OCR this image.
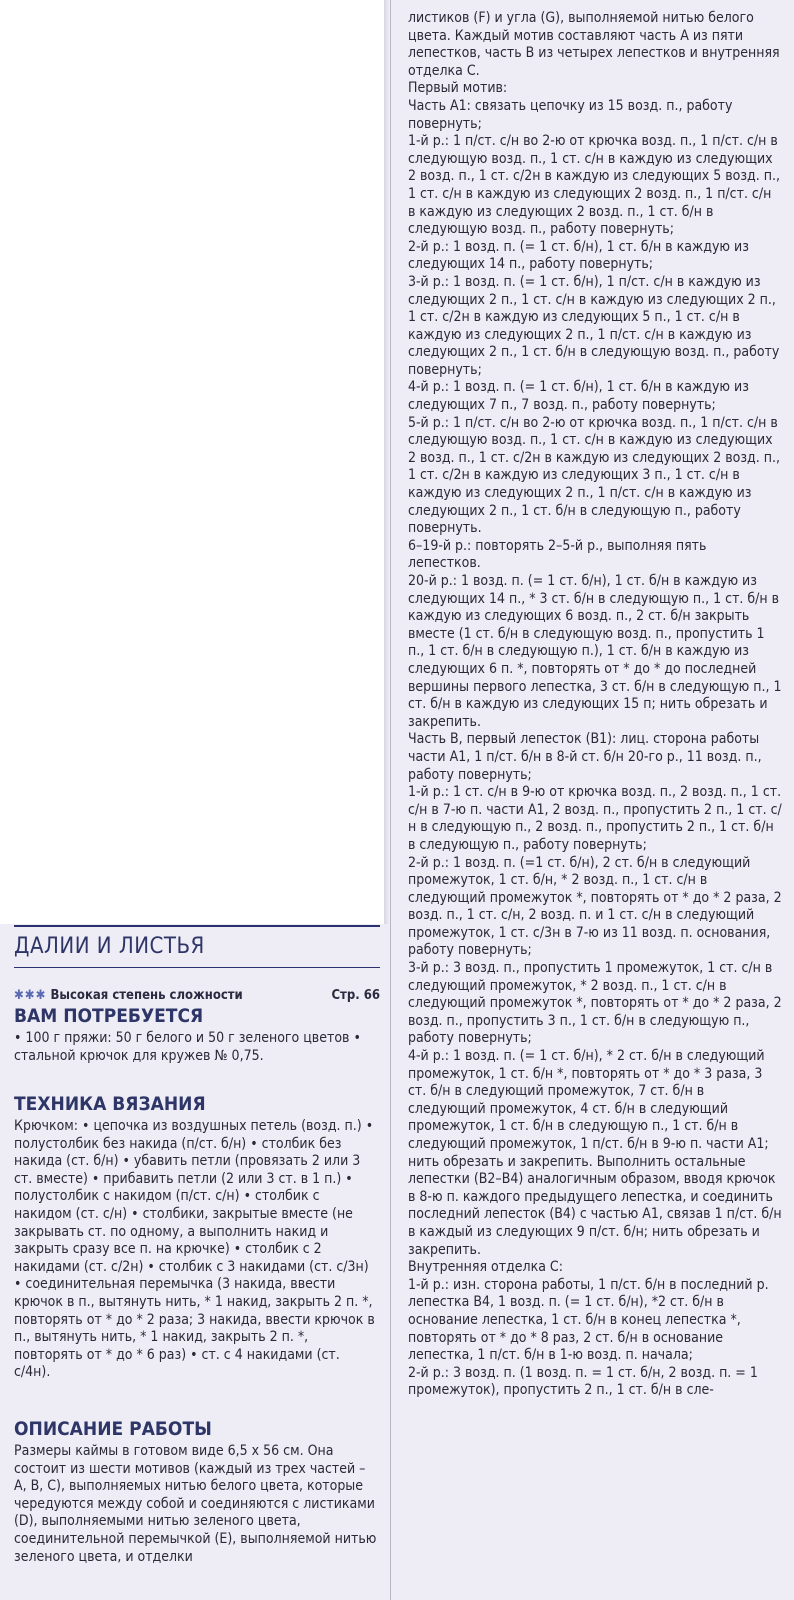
ДАЛИИ И ЛИСТЬЯ
✱✱✱ Высокая степень сложности	Стр. 66
ВАМ ПОТРЕБУЕТСЯ

• 100 г пряжи: 50 г белого и 50 г зеленого цветов • стальной крючок для кружев № 0,75.

ТЕХНИКА ВЯЗАНИЯ

Крючком: • цепочка из воздушных петель (возд. п.) • полустолбик без накида (п/ст. б/н) • столбик без накида (ст. б/н) • убавить петли (провязать 2 или 3 ст. вместе) • прибавить петли (2 или 3 ст. в 1 п.) • полустолбик с накидом (п/ст. с/н) • столбик с накидом (ст. с/н) • столбики, закрытые вместе (не закрывать ст. по одному, а выполнить накид и закрыть сразу все п. на крючке) • столбик с 2 накидами (ст. с/2н) • столбик с 3 накидами (ст. с/3н) • соединительная перемычка (3 накида, ввести крючок в п., вытянуть нить, * 1 накид, закрыть 2 п. *, повторять от * до * 2 раза; 3 накида, ввести крючок в п., вытянуть нить, * 1 накид, закрыть 2 п. *, повторять от * до * 6 раз) • ст. с 4 накидами (ст. с/4н).

ОПИСАНИЕ РАБОТЫ

Размеры каймы в готовом виде 6,5 x 56 см. Она состоит из шести мотивов (каждый из трех частей – A, B, C), выполняемых нитью белого цвета, которые чередуются между собой и соединяются с листиками (D), выполняемыми нитью зеленого цвета, соединительной перемычкой (E), выполняемой нитью зеленого цвета, и отделки

листиков (F) и угла (G), выполняемой нитью белого цвета. Каждый мотив составляют часть A из пяти лепестков, часть B из четырех лепестков и внутренняя отделка C.

Первый мотив:

Часть A1: связать цепочку из 15 возд. п., работу повернуть;

1-й р.: 1 п/ст. с/н во 2-ю от крючка возд. п., 1 п/ст. с/н в следующую возд. п., 1 ст. с/н в каждую из следующих 2 возд. п., 1 ст. с/2н в каждую из следующих 5 возд. п., 1 ст. с/н в каждую из следующих 2 возд. п., 1 п/ст. с/н в каждую из следующих 2 возд. п., 1 ст. б/н в следующую возд. п., работу повернуть;

2-й р.: 1 возд. п. (= 1 ст. б/н), 1 ст. б/н в каждую из следующих 14 п., работу повернуть;

3-й р.: 1 возд. п. (= 1 ст. б/н), 1 п/ст. с/н в каждую из следующих 2 п., 1 ст. с/н в каждую из следующих 2 п., 1 ст. с/2н в каждую из следующих 5 п., 1 ст. с/н в каждую из следующих 2 п., 1 п/ст. с/н в каждую из следующих 2 п., 1 ст. б/н в следующую возд. п., работу повернуть;

4-й р.: 1 возд. п. (= 1 ст. б/н), 1 ст. б/н в каждую из следующих 7 п., 7 возд. п., работу повернуть;

5-й р.: 1 п/ст. с/н во 2-ю от крючка возд. п., 1 п/ст. с/н в следующую возд. п., 1 ст. с/н в каждую из следующих 2 возд. п., 1 ст. с/2н в каждую из следующих 2 возд. п., 1 ст. с/2н в каждую из следующих 3 п., 1 ст. с/н в каждую из следующих 2 п., 1 п/ст. с/н в каждую из следующих 2 п., 1 ст. б/н в следующую п., работу повернуть.

6–19-й р.: повторять 2–5-й р., выполняя пять лепестков.

20-й р.: 1 возд. п. (= 1 ст. б/н), 1 ст. б/н в каждую из следующих 14 п., * 3 ст. б/н в следующую п., 1 ст. б/н в каждую из следующих 6 возд. п., 2 ст. б/н закрыть вместе (1 ст. б/н в следующую возд. п., пропустить 1 п., 1 ст. б/н в следующую п.), 1 ст. б/н в каждую из следующих 6 п. *, повторять от * до * до последней вершины первого лепестка, 3 ст. б/н в следующую п., 1 ст. б/н в каждую из следующих 15 п; нить обрезать и закрепить.

Часть B, первый лепесток (B1): лиц. сторона работы части A1, 1 п/ст. б/н в 8-й ст. б/н 20-го р., 11 возд. п., работу повернуть;

1-й р.: 1 ст. с/н в 9-ю от крючка возд. п., 2 возд. п., 1 ст. с/н в 7-ю п. части A1, 2 возд. п., пропустить 2 п., 1 ст. с/н в следующую п., 2 возд. п., пропустить 2 п., 1 ст. б/н в следующую п., работу повернуть;

2-й р.: 1 возд. п. (=1 ст. б/н), 2 ст. б/н в следующий промежуток, 1 ст. б/н, * 2 возд. п., 1 ст. с/н в следующий промежуток *, повторять от * до * 2 раза, 2 возд. п., 1 ст. с/н, 2 возд. п. и 1 ст. с/н в следующий промежуток, 1 ст. с/3н в 7-ю из 11 возд. п. основания, работу повернуть;

3-й р.: 3 возд. п., пропустить 1 промежуток, 1 ст. с/н в следующий промежуток, * 2 возд. п., 1 ст. с/н в следующий промежуток *, повторять от * до * 2 раза, 2 возд. п., пропустить 3 п., 1 ст. б/н в следующую п., работу повернуть;

4-й р.: 1 возд. п. (= 1 ст. б/н), * 2 ст. б/н в следующий промежуток, 1 ст. б/н *, повторять от * до * 3 раза, 3 ст. б/н в следующий промежуток, 7 ст. б/н в следующий промежуток, 4 ст. б/н в следующий промежуток, 1 ст. б/н в следующую п., 1 ст. б/н в следующий промежуток, 1 п/ст. б/н в 9-ю п. части A1; нить обрезать и закрепить. Выполнить остальные лепестки (B2–B4) аналогичным образом, вводя крючок в 8-ю п. каждого предыдущего лепестка, и соединить последний лепесток (B4) с частью A1, связав 1 п/ст. б/н в каждый из следующих 9 п/ст. б/н; нить обрезать и закрепить.

Внутренняя отделка C:

1-й р.: изн. сторона работы, 1 п/ст. б/н в последний р. лепестка B4, 1 возд. п. (= 1 ст. б/н), *2 ст. б/н в основание лепестка, 1 ст. б/н в конец лепестка *, повторять от * до * 8 раз, 2 ст. б/н в основание лепестка, 1 п/ст. б/н в 1-ю возд. п. начала;

2-й р.: 3 возд. п. (1 возд. п. = 1 ст. б/н, 2 возд. п. = 1 промежуток), пропустить 2 п., 1 ст. б/н в сле-
